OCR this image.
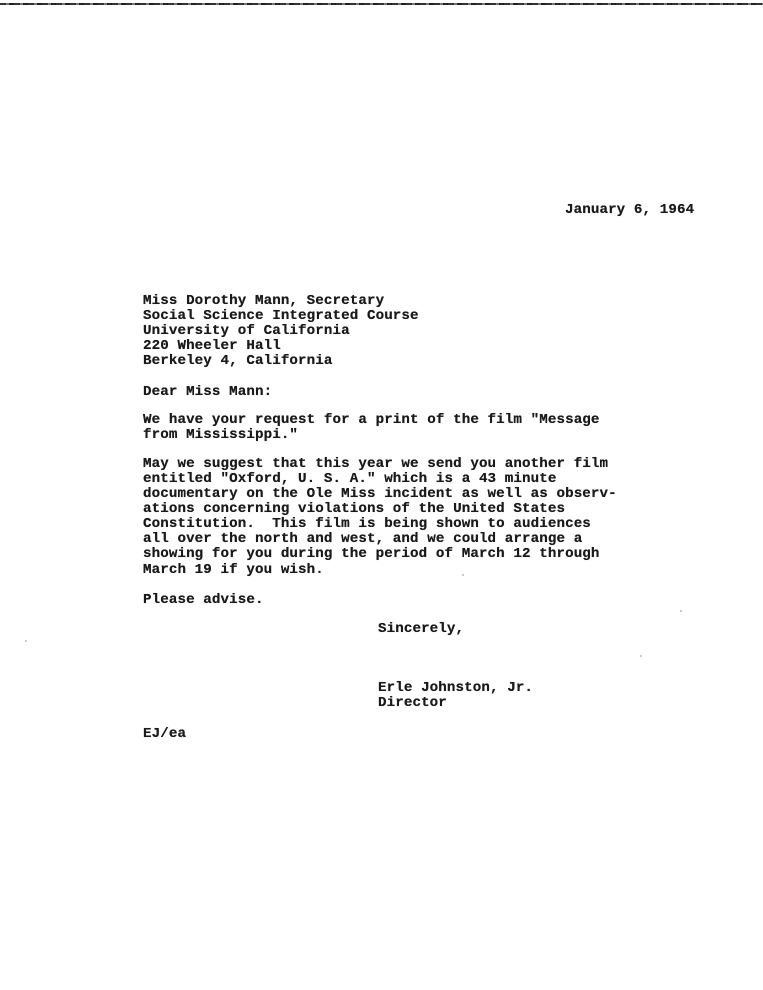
January 6, 1964
Miss Dorothy Mann, Secretary
Social Science Integrated Course
University of California
220 Wheeler Hall
Berkeley 4, California
Dear Miss Mann:
We have your request for a print of the film "Message
from Mississippi."
May we suggest that this year we send you another film
entitled "Oxford, U. S. A." which is a 43 minute
documentary on the Ole Miss incident as well as observ-
ations concerning violations of the United States
Constitution.  This film is being shown to audiences
all over the north and west, and we could arrange a
showing for you during the period of March 12 through
March 19 if you wish.
Please advise.
Sincerely,
Erle Johnston, Jr.
Director
EJ/ea
